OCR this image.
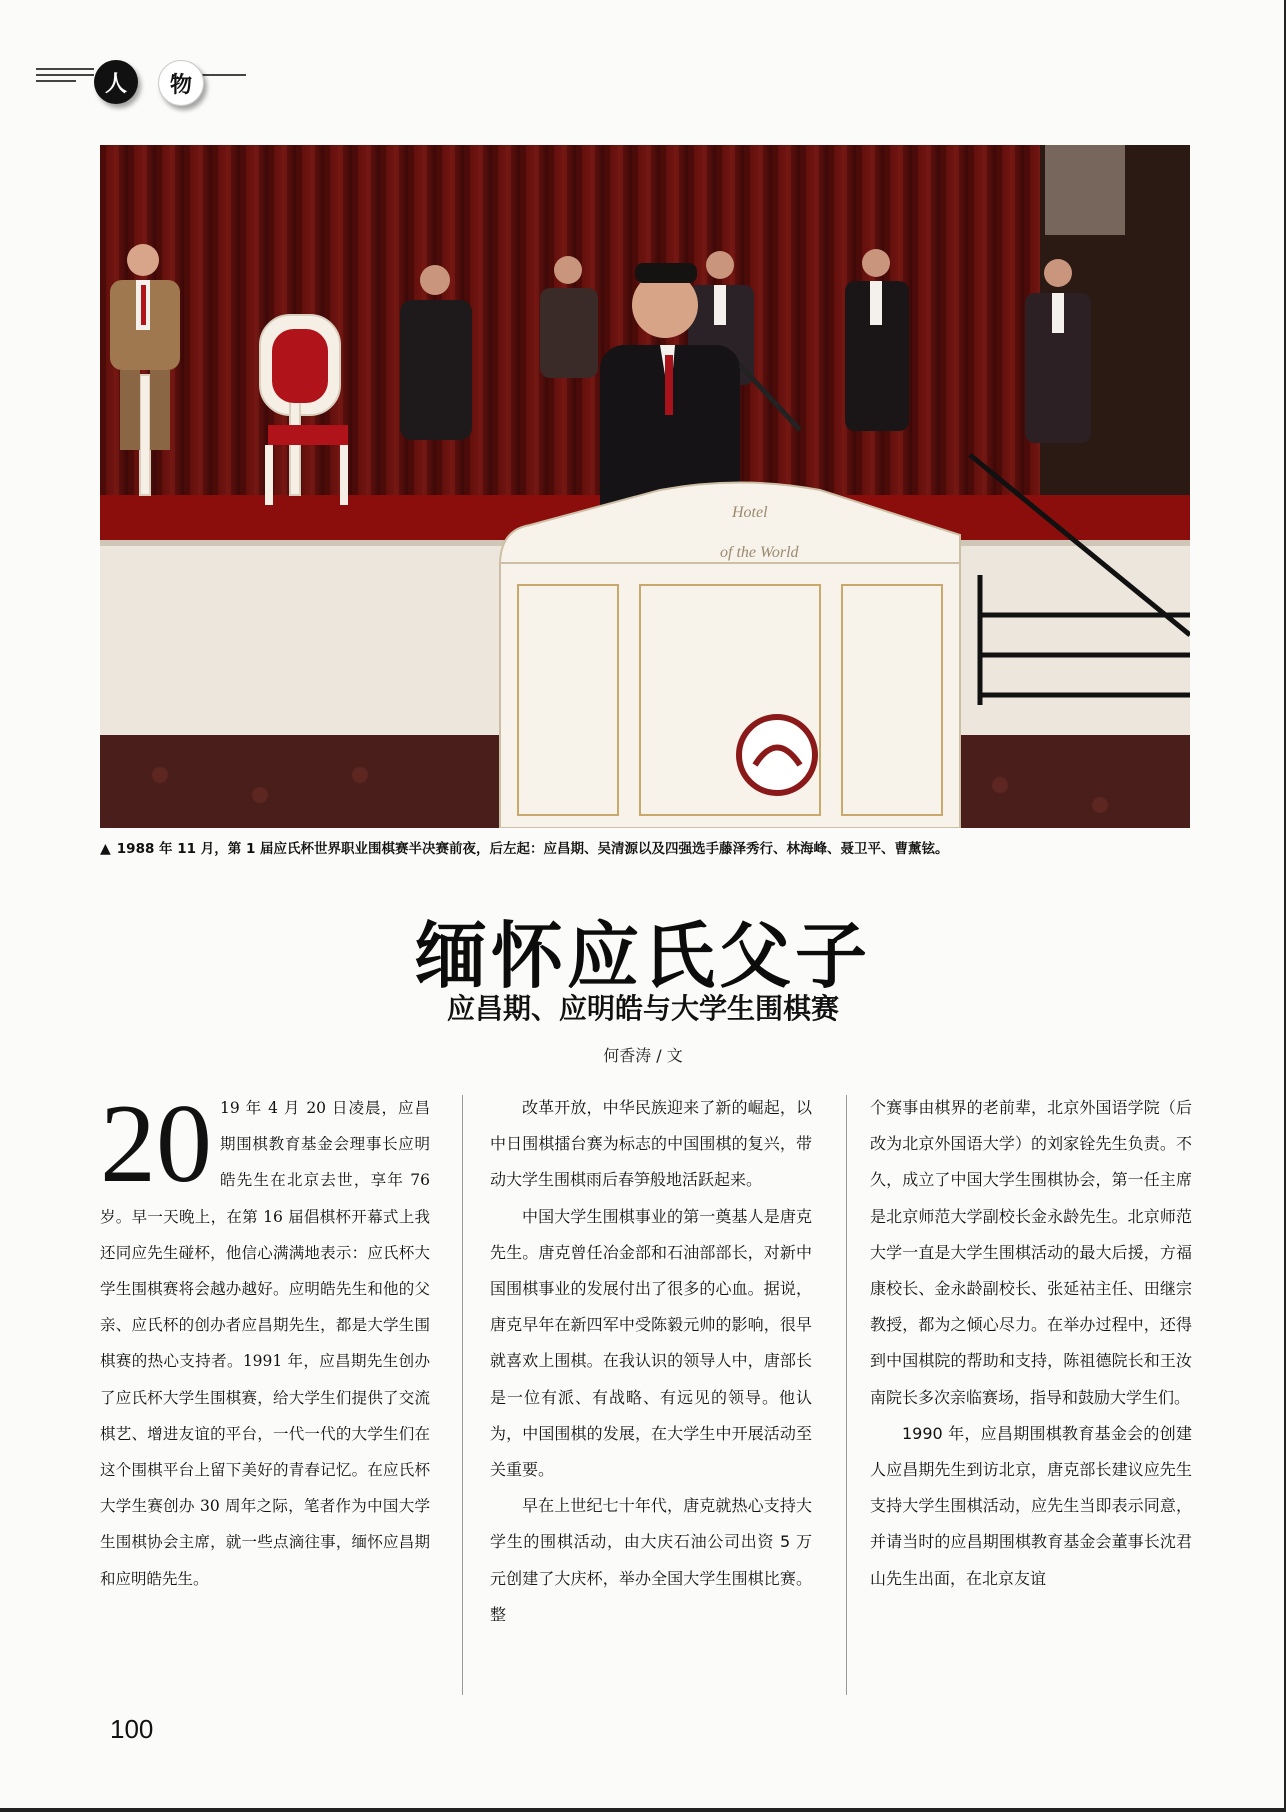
人	物
Hotel
of the World
▲ 1988 年 11 月，第 1 届应氏杯世界职业围棋赛半决赛前夜，后左起：应昌期、吴清源以及四强选手藤泽秀行、林海峰、聂卫平、曹薰铉。
缅怀应氏父子
应昌期、应明皓与大学生围棋赛
何香涛 / 文

20 19 年 4 月 20 日凌晨，应昌期围棋教育基金会理事长应明皓先生在北京去世，享年 76 岁。早一天晚上，在第 16 届倡棋杯开幕式上我还同应先生碰杯，他信心满满地表示：应氏杯大学生围棋赛将会越办越好。应明皓先生和他的父亲、应氏杯的创办者应昌期先生，都是大学生围棋赛的热心支持者。1991 年，应昌期先生创办了应氏杯大学生围棋赛，给大学生们提供了交流棋艺、增进友谊的平台，一代一代的大学生们在这个围棋平台上留下美好的青春记忆。在应氏杯大学生赛创办 30 周年之际，笔者作为中国大学生围棋协会主席，就一些点滴往事，缅怀应昌期和应明皓先生。

改革开放，中华民族迎来了新的崛起，以中日围棋擂台赛为标志的中国围棋的复兴，带动大学生围棋雨后春笋般地活跃起来。

中国大学生围棋事业的第一奠基人是唐克先生。唐克曾任冶金部和石油部部长，对新中国围棋事业的发展付出了很多的心血。据说，唐克早年在新四军中受陈毅元帅的影响，很早就喜欢上围棋。在我认识的领导人中，唐部长是一位有派、有战略、有远见的领导。他认为，中国围棋的发展，在大学生中开展活动至关重要。

早在上世纪七十年代，唐克就热心支持大学生的围棋活动，由大庆石油公司出资 5 万元创建了大庆杯，举办全国大学生围棋比赛。整

个赛事由棋界的老前辈，北京外国语学院（后改为北京外国语大学）的刘家铨先生负责。不久，成立了中国大学生围棋协会，第一任主席是北京师范大学副校长金永龄先生。北京师范大学一直是大学生围棋活动的最大后援，方福康校长、金永龄副校长、张延祜主任、田继宗教授，都为之倾心尽力。在举办过程中，还得到中国棋院的帮助和支持，陈祖德院长和王汝南院长多次亲临赛场，指导和鼓励大学生们。

1990 年，应昌期围棋教育基金会的创建人应昌期先生到访北京，唐克部长建议应先生支持大学生围棋活动，应先生当即表示同意，并请当时的应昌期围棋教育基金会董事长沈君山先生出面，在北京友谊

100
